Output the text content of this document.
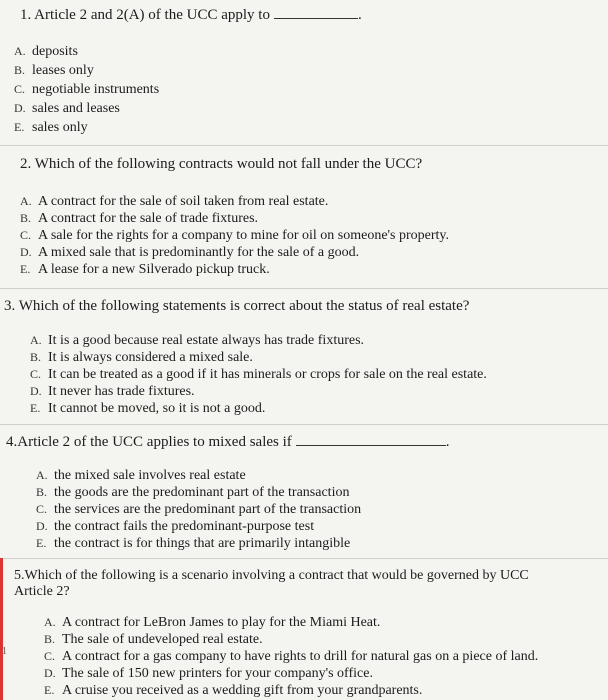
1. Article 2 and 2(A) of the UCC apply to	.
A. deposits
B. leases only
C. negotiable instruments
D. sales and leases
E. sales only
2. Which of the following contracts would not fall under the UCC?
A. A contract for the sale of soil taken from real estate.
B. A contract for the sale of trade fixtures.
C. A sale for the rights for a company to mine for oil on someone's property.
D. A mixed sale that is predominantly for the sale of a good.
E. A lease for a new Silverado pickup truck.
3. Which of the following statements is correct about the status of real estate?
A. It is a good because real estate always has trade fixtures.
B. It is always considered a mixed sale.
C. It can be treated as a good if it has minerals or crops for sale on the real estate.
D. It never has trade fixtures.
E. It cannot be moved, so it is not a good.
4.Article 2 of the UCC applies to mixed sales if	.
A. the mixed sale involves real estate
B. the goods are the predominant part of the transaction
C. the services are the predominant part of the transaction
D. the contract fails the predominant-purpose test
E. the contract is for things that are primarily intangible
1
5.Which of the following is a scenario involving a contract that would be governed by UCC
Article 2?
A. A contract for LeBron James to play for the Miami Heat.
B. The sale of undeveloped real estate.
C. A contract for a gas company to have rights to drill for natural gas on a piece of land.
D. The sale of 150 new printers for your company's office.
E. A cruise you received as a wedding gift from your grandparents.
